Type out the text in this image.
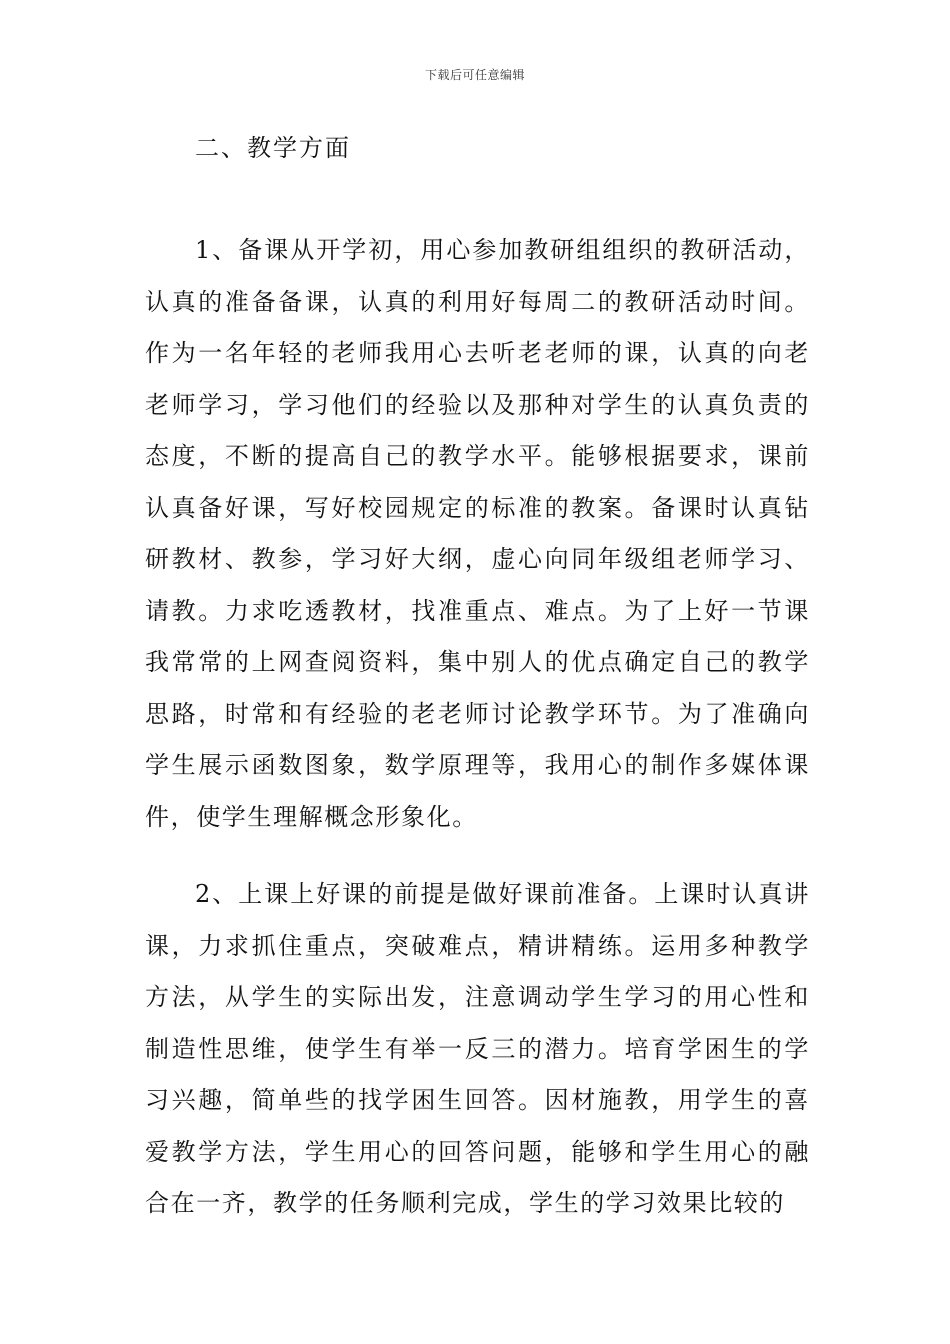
下载后可任意编辑
二、教学方面

1、备课从开学初，用心参加教研组组织的教研活动，认真的准备备课，认真的利用好每周二的教研活动时间。作为一名年轻的老师我用心去听老老师的课，认真的向老老师学习，学习他们的经验以及那种对学生的认真负责的态度，不断的提高自己的教学水平。能够根据要求，课前认真备好课，写好校园规定的标准的教案。备课时认真钻研教材、教参，学习好大纲，虚心向同年级组老师学习、请教。力求吃透教材，找准重点、难点。为了上好一节课我常常的上网查阅资料，集中别人的优点确定自己的教学思路，时常和有经验的老老师讨论教学环节。为了准确向学生展示函数图象，数学原理等，我用心的制作多媒体课件，使学生理解概念形象化。

2、上课上好课的前提是做好课前准备。上课时认真讲课，力求抓住重点，突破难点，精讲精练。运用多种教学方法，从学生的实际出发，注意调动学生学习的用心性和制造性思维，使学生有举一反三的潜力。培育学困生的学习兴趣，简单些的找学困生回答。因材施教，用学生的喜爱教学方法，学生用心的回答问题，能够和学生用心的融合在一齐，教学的任务顺利完成，学生的学习效果比较的
